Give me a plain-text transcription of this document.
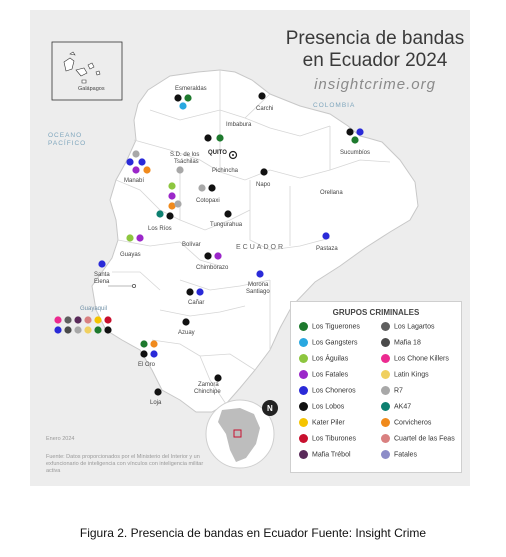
Presencia de bandas
en Ecuador 2024
insightcrime.org
N
COLOMBIA
OCEANO
PACÍFICO
ECUADOR
Galápagos	Esmeraldas
Carchi
Imbabura
Sucumbíos
S.D. de los
Tsáchilas
QUITO
Pichincha
Manabí
Napo
Orellana
Cotopaxi
Tungurahua
Los Ríos
Bolívar
Pastaza
Guayas
Chimborazo
Santa
Elena	Morona
Santiago
Guayaquil
Cañar
Azuay
El Oro
Loja
Zamora
Chinchipe
Enero 2024
Fuente: Datos proporcionados por el Ministerio del Interior y un exfuncionario de inteligencia con vínculos con inteligencia militar activa
GRUPOS CRIMINALES
Los Tiguerones	Los Lagartos
Los Gangsters	Mafia 18
Los Águilas	Los Chone Killers
Los Fatales	Latin Kings
Los Choneros	R7
Los Lobos	AK47
Kater Piler	Corvicheros
Los Tiburones	Cuartel de las Feas
Mafia Trébol	Fatales
Figura 2. Presencia de bandas en Ecuador Fuente: Insight Crime
